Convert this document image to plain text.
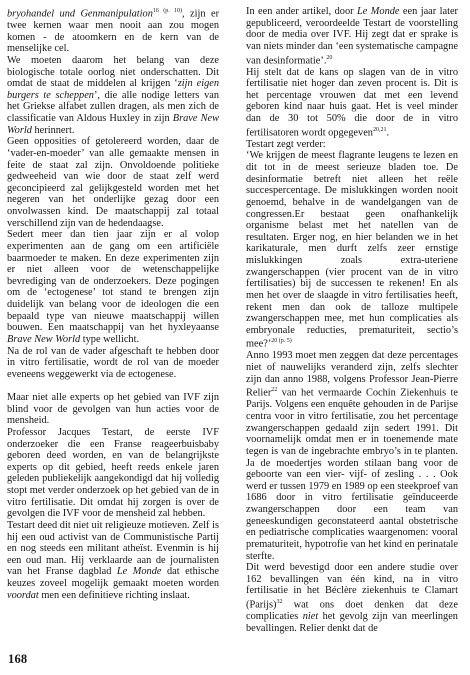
bryohandel und Genmanipulation$^{16 (p. 10)}$, zijn er twee kernen waar men nooit aan zou mogen komen - de atoomkern en de kern van de menselijke cel.

We moeten daarom het belang van deze biologische totale oorlog niet onderschatten. Dit omdat de staat de middelen al krijgen ‘zijn eigen burgers te scheppen’, die alle nodige letters van het Griekse alfabet zullen dragen, als men zich de classificatie van Aldous Huxley in zijn Brave New World herinnert.

Geen opposities of getolereerd worden, daar de ‘vader-en-moeder’ van alle gemaakte mensen in feite de staat zal zijn. Onvoldoende politieke gedweeheid van wie door de staat zelf werd geconcipieerd zal gelijkgesteld worden met het negeren van het onderlijke gezag door een onvolwassen kind. De maatschappij zal totaal verschillend zijn van de hedendaagse.

Sedert meer dan tien jaar zijn er al volop experimenten aan de gang om een artificiële baarmoeder te maken. En deze experimenten zijn er niet alleen voor de wetenschappelijke bevrediging van de onderzoekers. Deze pogingen om de ‘ectogenese’ tot stand te brengen zijn duidelijk van belang voor de ideologen die een bepaald type van nieuwe maatschappij willen bouwen. Een maatschappij van het hyxleyaanse Brave New World type wellicht.

Na de rol van de vader afgeschaft te hebben door in vitro fertilisatie, wordt de rol van de moeder eveneens weggewerkt via de ectogenese.

Maar niet alle experts op het gebied van IVF zijn blind voor de gevolgen van hun acties voor de mensheid.

Professor Jacques Testart, de eerste IVF onderzoeker die een Franse reageerbuisbaby geboren deed worden, en van de belangrijkste experts op dit gebied, heeft reeds enkele jaren geleden publiekelijk aangekondigd dat hij volledig stopt met verder onderzoek op het gebied van de in vitro fertilisatie. Dit omdat hij zorgen is over de gevolgen die IVF voor de mensheid zal hebben.

Testart deed dit niet uit religieuze motieven. Zelf is hij een oud activist van de Communistische Partij en nog steeds een militant atheïst. Evenmin is hij een oud man. Hij verklaarde aan de journalisten van het Franse dagblad Le Monde dat ethische keuzes zoveel mogelijk gemaakt moeten worden voordat men een definitieve richting inslaat.

In een ander artikel, door Le Monde een jaar later gepubliceerd, veroordeelde Testart de voorstelling door de media over IVF. Hij zegt dat er sprake is van niets minder dan ‘een systematische campagne van desinformatie’.$^{20}$

Hij stelt dat de kans op slagen van de in vitro fertilisatie niet hoger dan zeven procent is. Dit is het percentage vrouwen dat met een levend geboren kind naar huis gaat. Het is veel minder dan de 30 tot 50% die door de in vitro fertilisatoren wordt opgegeven$^{20,21}$.

Testart zegt verder:

‘We krijgen de meest flagrante leugens te lezen en dit tot in de meest serieuze bladen toe. De desinformatie betreft niet alleen het reële succespercentage. De mislukkingen worden nooit genoemd, behalve in de wandelgangen van de congressen.Er bestaat geen onafhankelijk organisme belast met het natellen van de resultaten. Erger nog, en hier belanden we in het karikaturale, men durft zelfs zeer ernstige mislukkingen zoals extra-uteriene zwangerschappen (vier procent van de in vitro fertilisaties) bij de successen te rekenen! En als men het over de slaagde in vitro fertilisaties heeft, rekent men dan ook de talloze multipele zwangerschappen mee, met hun complicaties als embryonale reducties, prematuriteit, sectio’s mee?’$^{20 (p. 5)}$

Anno 1993 moet men zeggen dat deze percentages niet of nauwelijks veranderd zijn, zelfs slechter zijn dan anno 1988, volgens Professor Jean-Pierre Relier$^{22}$ van het vermaarde Cochin Ziekenhuis te Parijs. Volgens een enquête gehouden in de Parijse centra voor in vitro fertilisatie, zou het percentage zwangerschappen gedaald zijn sedert 1991. Dit voornamelijk omdat men er in toenemende mate tegen is van de ingebrachte embryo’s in te planten. Ja de moedertjes worden stilaan bang voor de geboorte van een vier- vijf- of zesling . . . Ook werd er tussen 1979 en 1989 op een steekproef van 1686 door in vitro fertilisatie geïnduceerde zwangerschappen door een team van geneeskundigen geconstateerd aantal obstetrische en pediatrische complicaties waargenomen: vooral prematuriteit, hypotrofie van het kind en perinatale sterfte.

Dit werd bevestigd door een andere studie over 162 bevallingen van één kind, na in vitro fertilisatie in het Béclère ziekenhuis te Clamart (Parijs)$^{32}$ wat ons doet denken dat deze complicaties niet het gevolg zijn van meerlingen bevallingen. Relier denkt dat de

168
